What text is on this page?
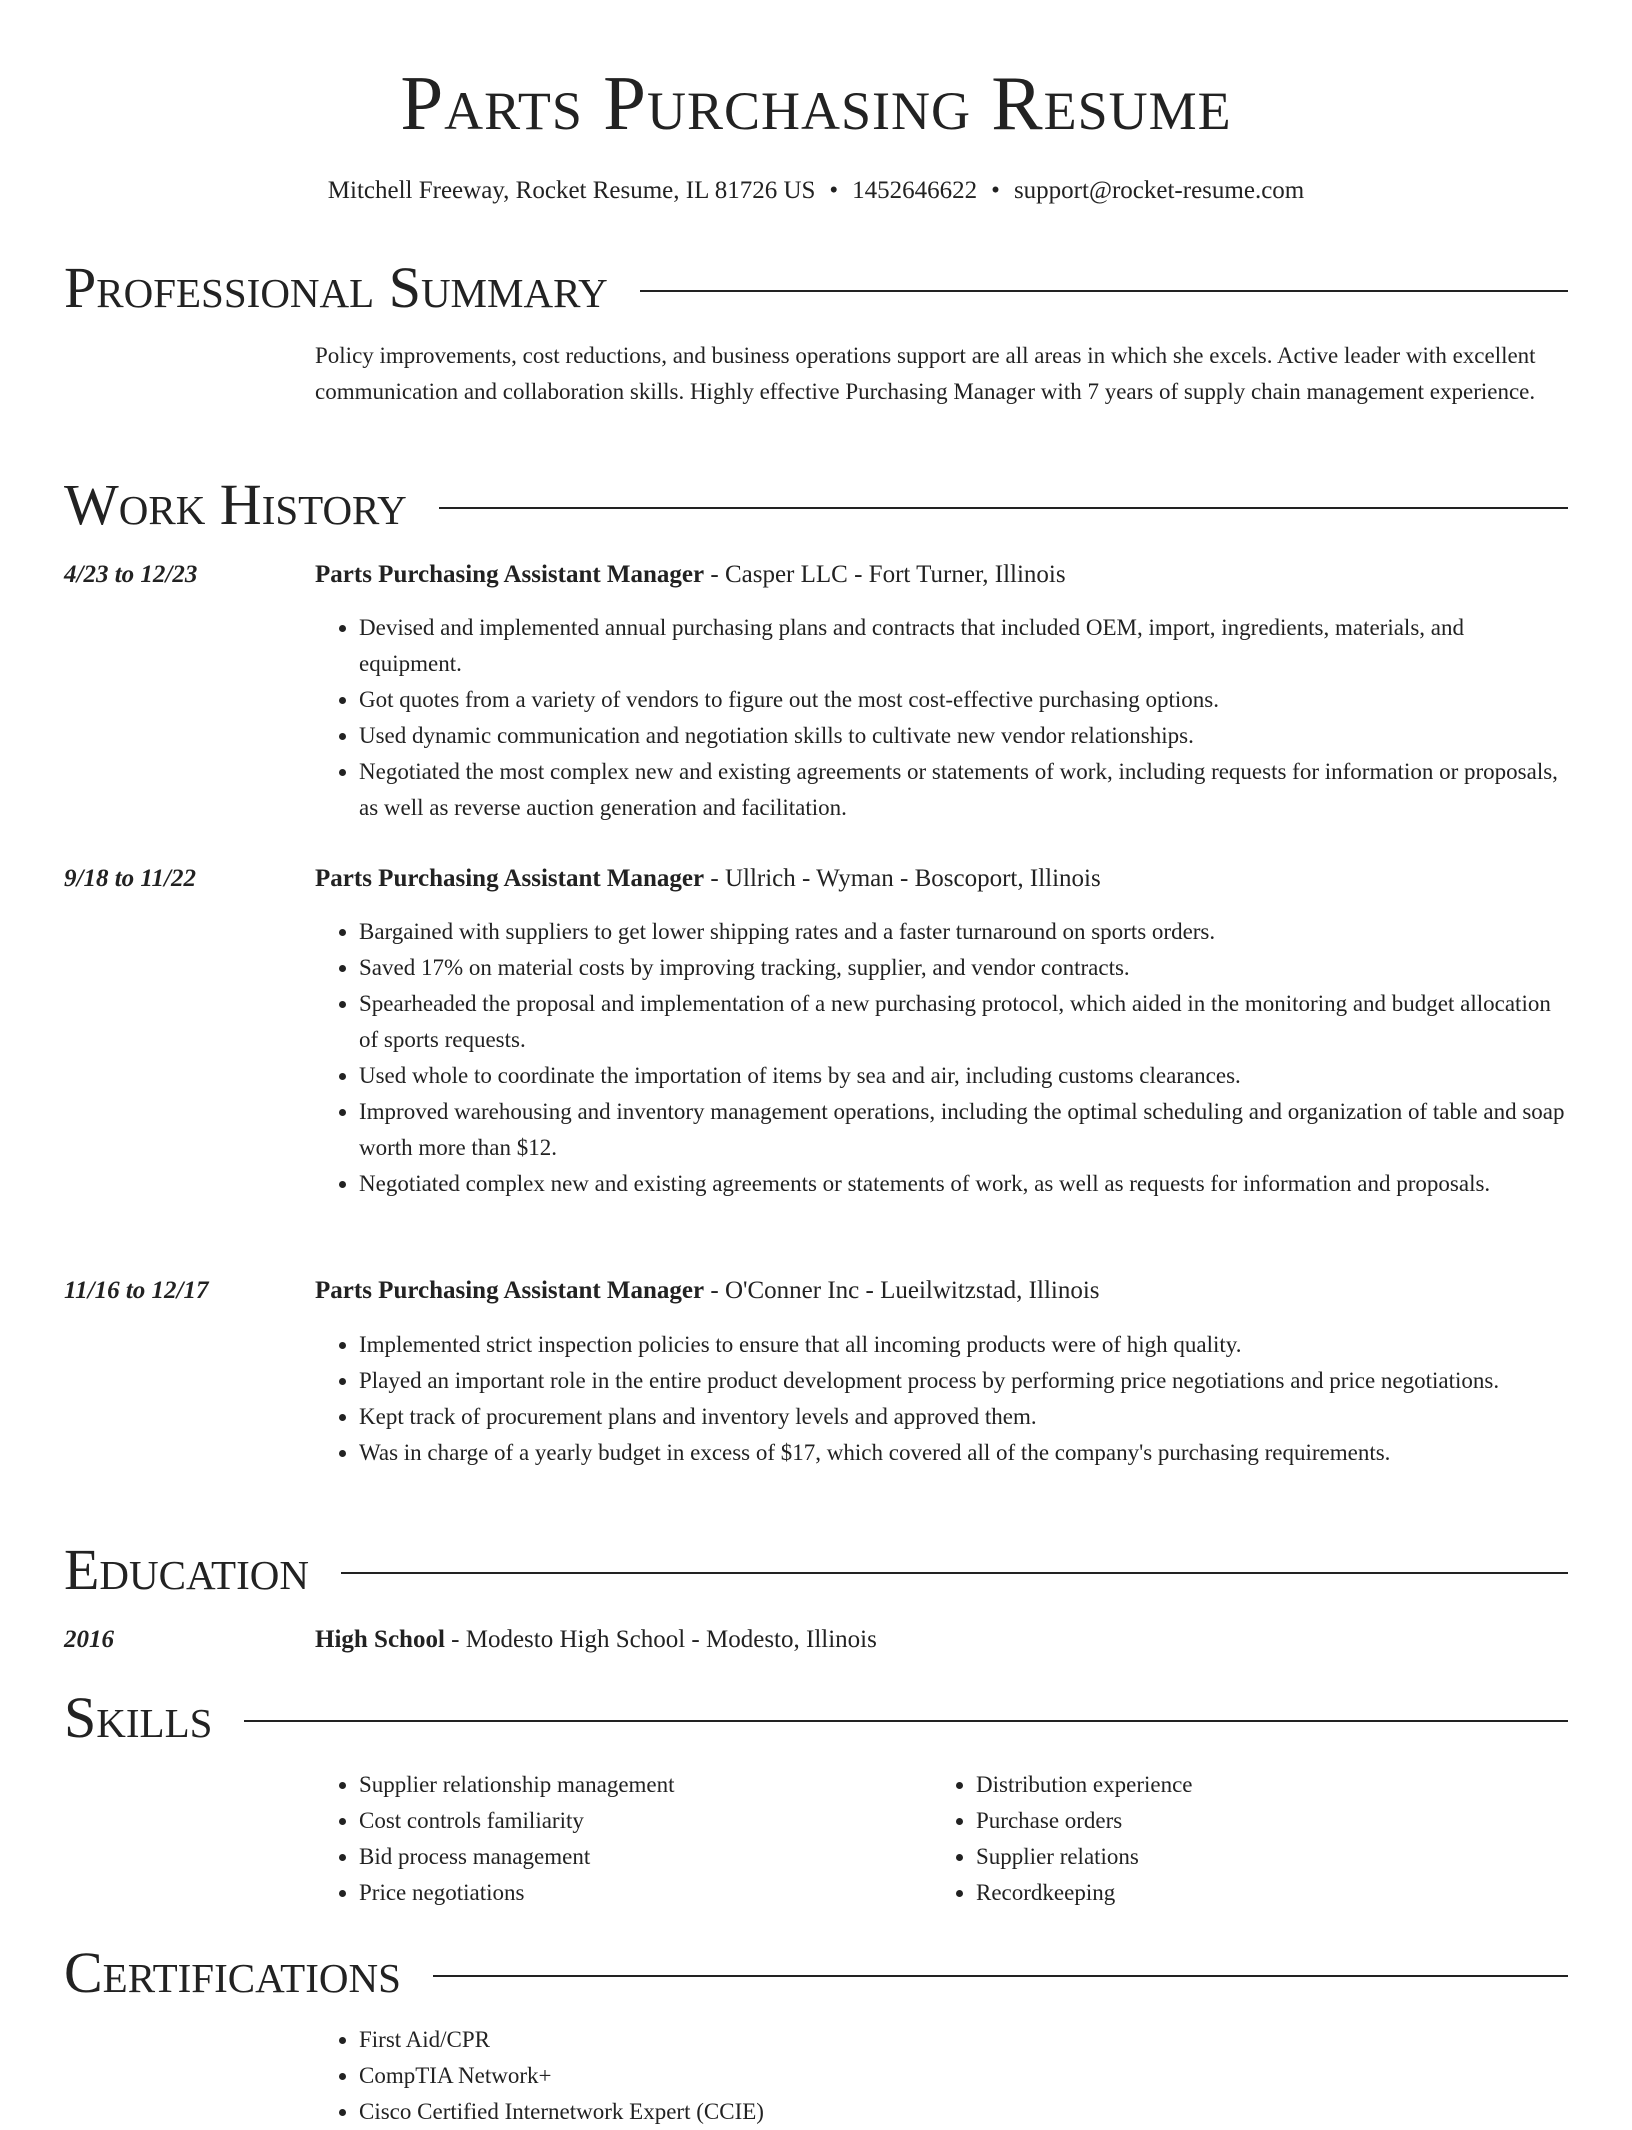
Parts Purchasing Resume
Mitchell Freeway, Rocket Resume, IL 81726 US • 1452646622 • support@rocket-resume.com
Professional Summary
Policy improvements, cost reductions, and business operations support are all areas in which she excels. Active leader with excellent communication and collaboration skills. Highly effective Purchasing Manager with 7 years of supply chain management experience.
Work History
4/23 to 12/23	Parts Purchasing Assistant Manager - Casper LLC - Fort Turner, Illinois
• Devised and implemented annual purchasing plans and contracts that included OEM, import, ingredients, materials, and equipment.
• Got quotes from a variety of vendors to figure out the most cost-effective purchasing options.
• Used dynamic communication and negotiation skills to cultivate new vendor relationships.
• Negotiated the most complex new and existing agreements or statements of work, including requests for information or proposals, as well as reverse auction generation and facilitation.
9/18 to 11/22	Parts Purchasing Assistant Manager - Ullrich - Wyman - Boscoport, Illinois
• Bargained with suppliers to get lower shipping rates and a faster turnaround on sports orders.
• Saved 17% on material costs by improving tracking, supplier, and vendor contracts.
• Spearheaded the proposal and implementation of a new purchasing protocol, which aided in the monitoring and budget allocation of sports requests.
• Used whole to coordinate the importation of items by sea and air, including customs clearances.
• Improved warehousing and inventory management operations, including the optimal scheduling and organization of table and soap worth more than $12.
• Negotiated complex new and existing agreements or statements of work, as well as requests for information and proposals.
11/16 to 12/17	Parts Purchasing Assistant Manager - O'Conner Inc - Lueilwitzstad, Illinois
• Implemented strict inspection policies to ensure that all incoming products were of high quality.
• Played an important role in the entire product development process by performing price negotiations and price negotiations.
• Kept track of procurement plans and inventory levels and approved them.
• Was in charge of a yearly budget in excess of $17, which covered all of the company's purchasing requirements.
Education
2016	High School - Modesto High School - Modesto, Illinois
Skills
• Supplier relationship management
• Cost controls familiarity
• Bid process management
• Price negotiations
• Distribution experience
• Purchase orders
• Supplier relations
• Recordkeeping
Certifications
• First Aid/CPR
• CompTIA Network+
• Cisco Certified Internetwork Expert (CCIE)
